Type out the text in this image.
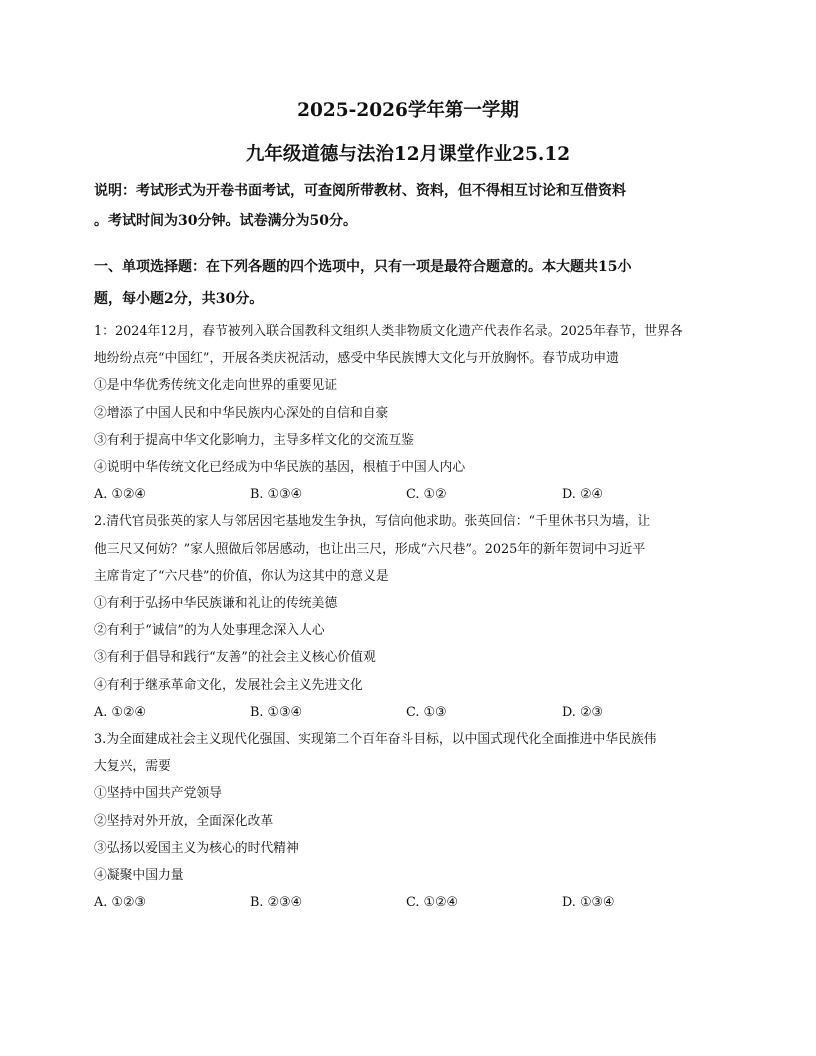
2025-2026学年第一学期
九年级道德与法治12月课堂作业25.12

说明：考试形式为开卷书面考试，可查阅所带教材、资料，但不得相互讨论和互借资料

。考试时间为30分钟。试卷满分为50分。

一、单项选择题：在下列各题的四个选项中，只有一项是最符合题意的。本大题共15小

题，每小题2分，共30分。

1：2024年12月，春节被列入联合国教科文组织人类非物质文化遗产代表作名录。2025年春节，世界各

地纷纷点亮“中国红”，开展各类庆祝活动，感受中华民族博大文化与开放胸怀。春节成功申遗

①是中华优秀传统文化走向世界的重要见证

②增添了中国人民和中华民族内心深处的自信和自豪

③有利于提高中华文化影响力，主导多样文化的交流互鉴

④说明中华传统文化已经成为中华民族的基因，根植于中国人内心

A. ①②④	B. ①③④	C. ①②	D. ②④

2.清代官员张英的家人与邻居因宅基地发生争执，写信向他求助。张英回信：“千里休书只为墙，让

他三尺又何妨？”家人照做后邻居感动，也让出三尺，形成“六尺巷”。2025年的新年贺词中习近平

主席肯定了“六尺巷”的价值，你认为这其中的意义是

①有利于弘扬中华民族谦和礼让的传统美德

②有利于“诚信”的为人处事理念深入人心

③有利于倡导和践行“友善”的社会主义核心价值观

④有利于继承革命文化，发展社会主义先进文化

A. ①②④	B. ①③④	C. ①③	D. ②③

3.为全面建成社会主义现代化强国、实现第二个百年奋斗目标，以中国式现代化全面推进中华民族伟

大复兴，需要

①坚持中国共产党领导

②坚持对外开放，全面深化改革

③弘扬以爱国主义为核心的时代精神

④凝聚中国力量

A. ①②③	B. ②③④	C. ①②④	D. ①③④
